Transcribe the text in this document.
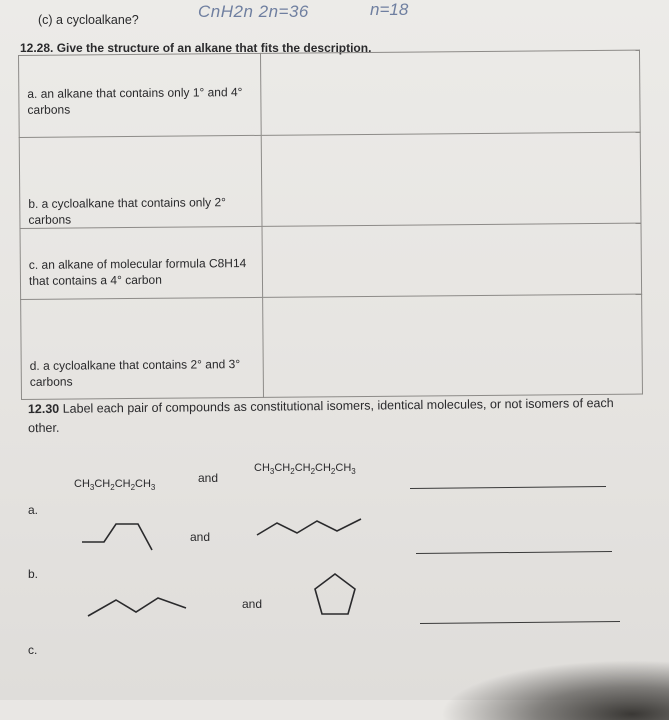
(c) a cycloalkane?	CnH2n 2n=36	n=18
12.28. Give the structure of an alkane that fits the description.
a. an alkane that contains only 1° and 4°
carbons	

b. a cycloalkane that contains only 2°
carbons	

c. an alkane of molecular formula C8H14
that contains a 4° carbon	

d. a cycloalkane that contains 2° and 3°
carbons	

12.30 Label each pair of compounds as constitutional isomers, identical molecules, or not isomers of each other.
$CH_3CH_2CH_2CH_3$
$CH_3CH_2CH_2CH_2CH_3$
and
a.
and
b.
and
c.
